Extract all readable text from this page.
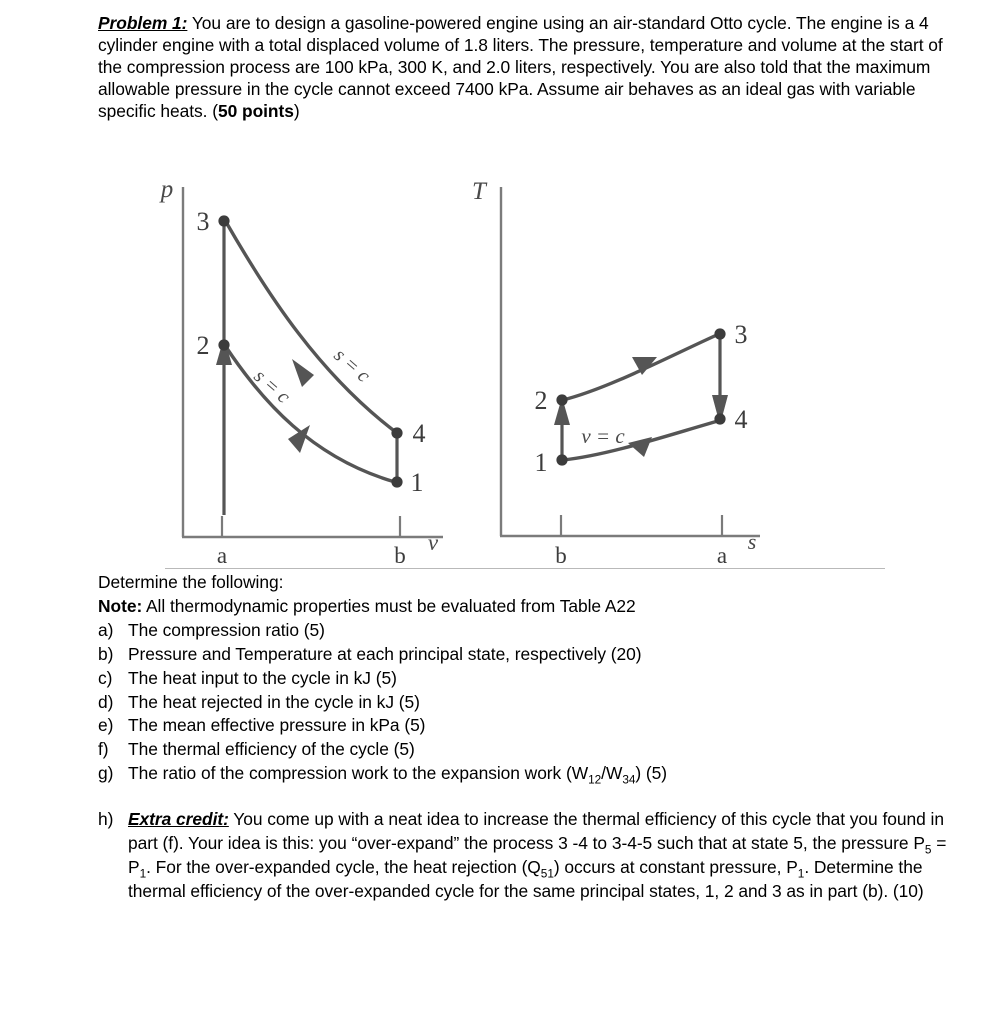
Problem 1: You are to design a gasoline-powered engine using an air-standard Otto cycle. The engine is a 4 cylinder engine with a total displaced volume of 1.8 liters. The pressure, temperature and volume at the start of the compression process are 100 kPa, 300 K, and 2.0 liters, respectively. You are also told that the maximum allowable pressure in the cycle cannot exceed 7400 kPa. Assume air behaves as an ideal gas with variable specific heats. (50 points)
p
v
a	b
3
2
4
1
s = c s = c
T
s
b	a
3
4
2
1
v = c
Determine the following:
Note: All thermodynamic properties must be evaluated from Table A22
a) The compression ratio (5)
b) Pressure and Temperature at each principal state, respectively (20)
c) The heat input to the cycle in kJ (5)
d) The heat rejected in the cycle in kJ (5)
e) The mean effective pressure in kPa (5)
f)	The thermal efficiency of the cycle (5)
g) The ratio of the compression work to the expansion work $(W_{12}/W_{34})$ (5)
h) Extra credit: You come up with a neat idea to increase the thermal efficiency of this cycle that you found in part (f). Your idea is this: you “over-expand” the process 3 -4 to 3-4-5 such that at state 5, the pressure $P_5 = P_1$. For the over-expanded cycle, the heat rejection $(Q_{51})$ occurs at constant pressure, $P_1$. Determine the thermal efficiency of the over-expanded cycle for the same principal states, 1, 2 and 3 as in part (b). (10)
